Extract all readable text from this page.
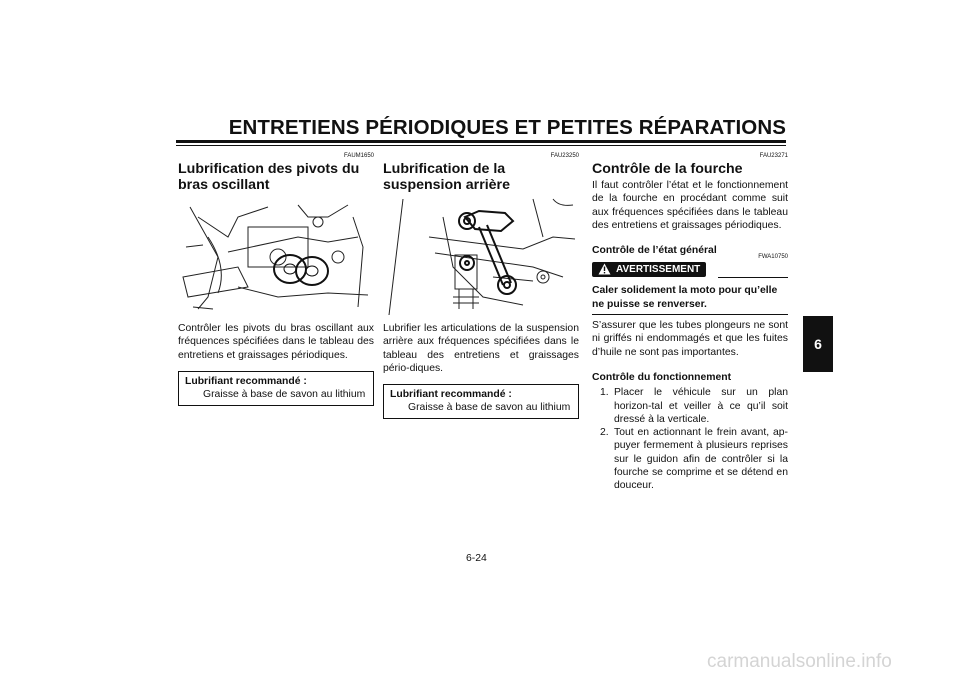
ENTRETIENS PÉRIODIQUES ET PETITES RÉPARATIONS
FAUM1650
Lubrification des pivots du bras oscillant

Contrôler les pivots du bras oscillant aux fréquences spécifiées dans le tableau des entretiens et graissages périodiques.

Lubrifiant recommandé :
Graisse à base de savon au lithium
FAU23250
Lubrification de la suspension arrière

Lubrifier les articulations de la suspension arrière aux fréquences spécifiées dans le tableau des entretiens et graissages pério-diques.

Lubrifiant recommandé :
Graisse à base de savon au lithium
FAU23271
Contrôle de la fourche

Il faut contrôler l’état et le fonctionnement de la fourche en procédant comme suit aux fréquences spécifiées dans le tableau des entretiens et graissages périodiques.

Contrôle de l’état général
FWA10750
AVERTISSEMENT
Caler solidement la moto pour qu’elle ne puisse se renverser.

S’assurer que les tubes plongeurs ne sont ni griffés ni endommagés et que les fuites d’huile ne sont pas importantes.

Contrôle du fonctionnement
1. Placer le véhicule sur un plan horizon-tal et veiller à ce qu’il soit dressé à la verticale.
2. Tout en actionnant le frein avant, ap-puyer fermement à plusieurs reprises sur le guidon afin de contrôler si la fourche se comprime et se détend en douceur.
6
6-24
carmanualsonline.info
